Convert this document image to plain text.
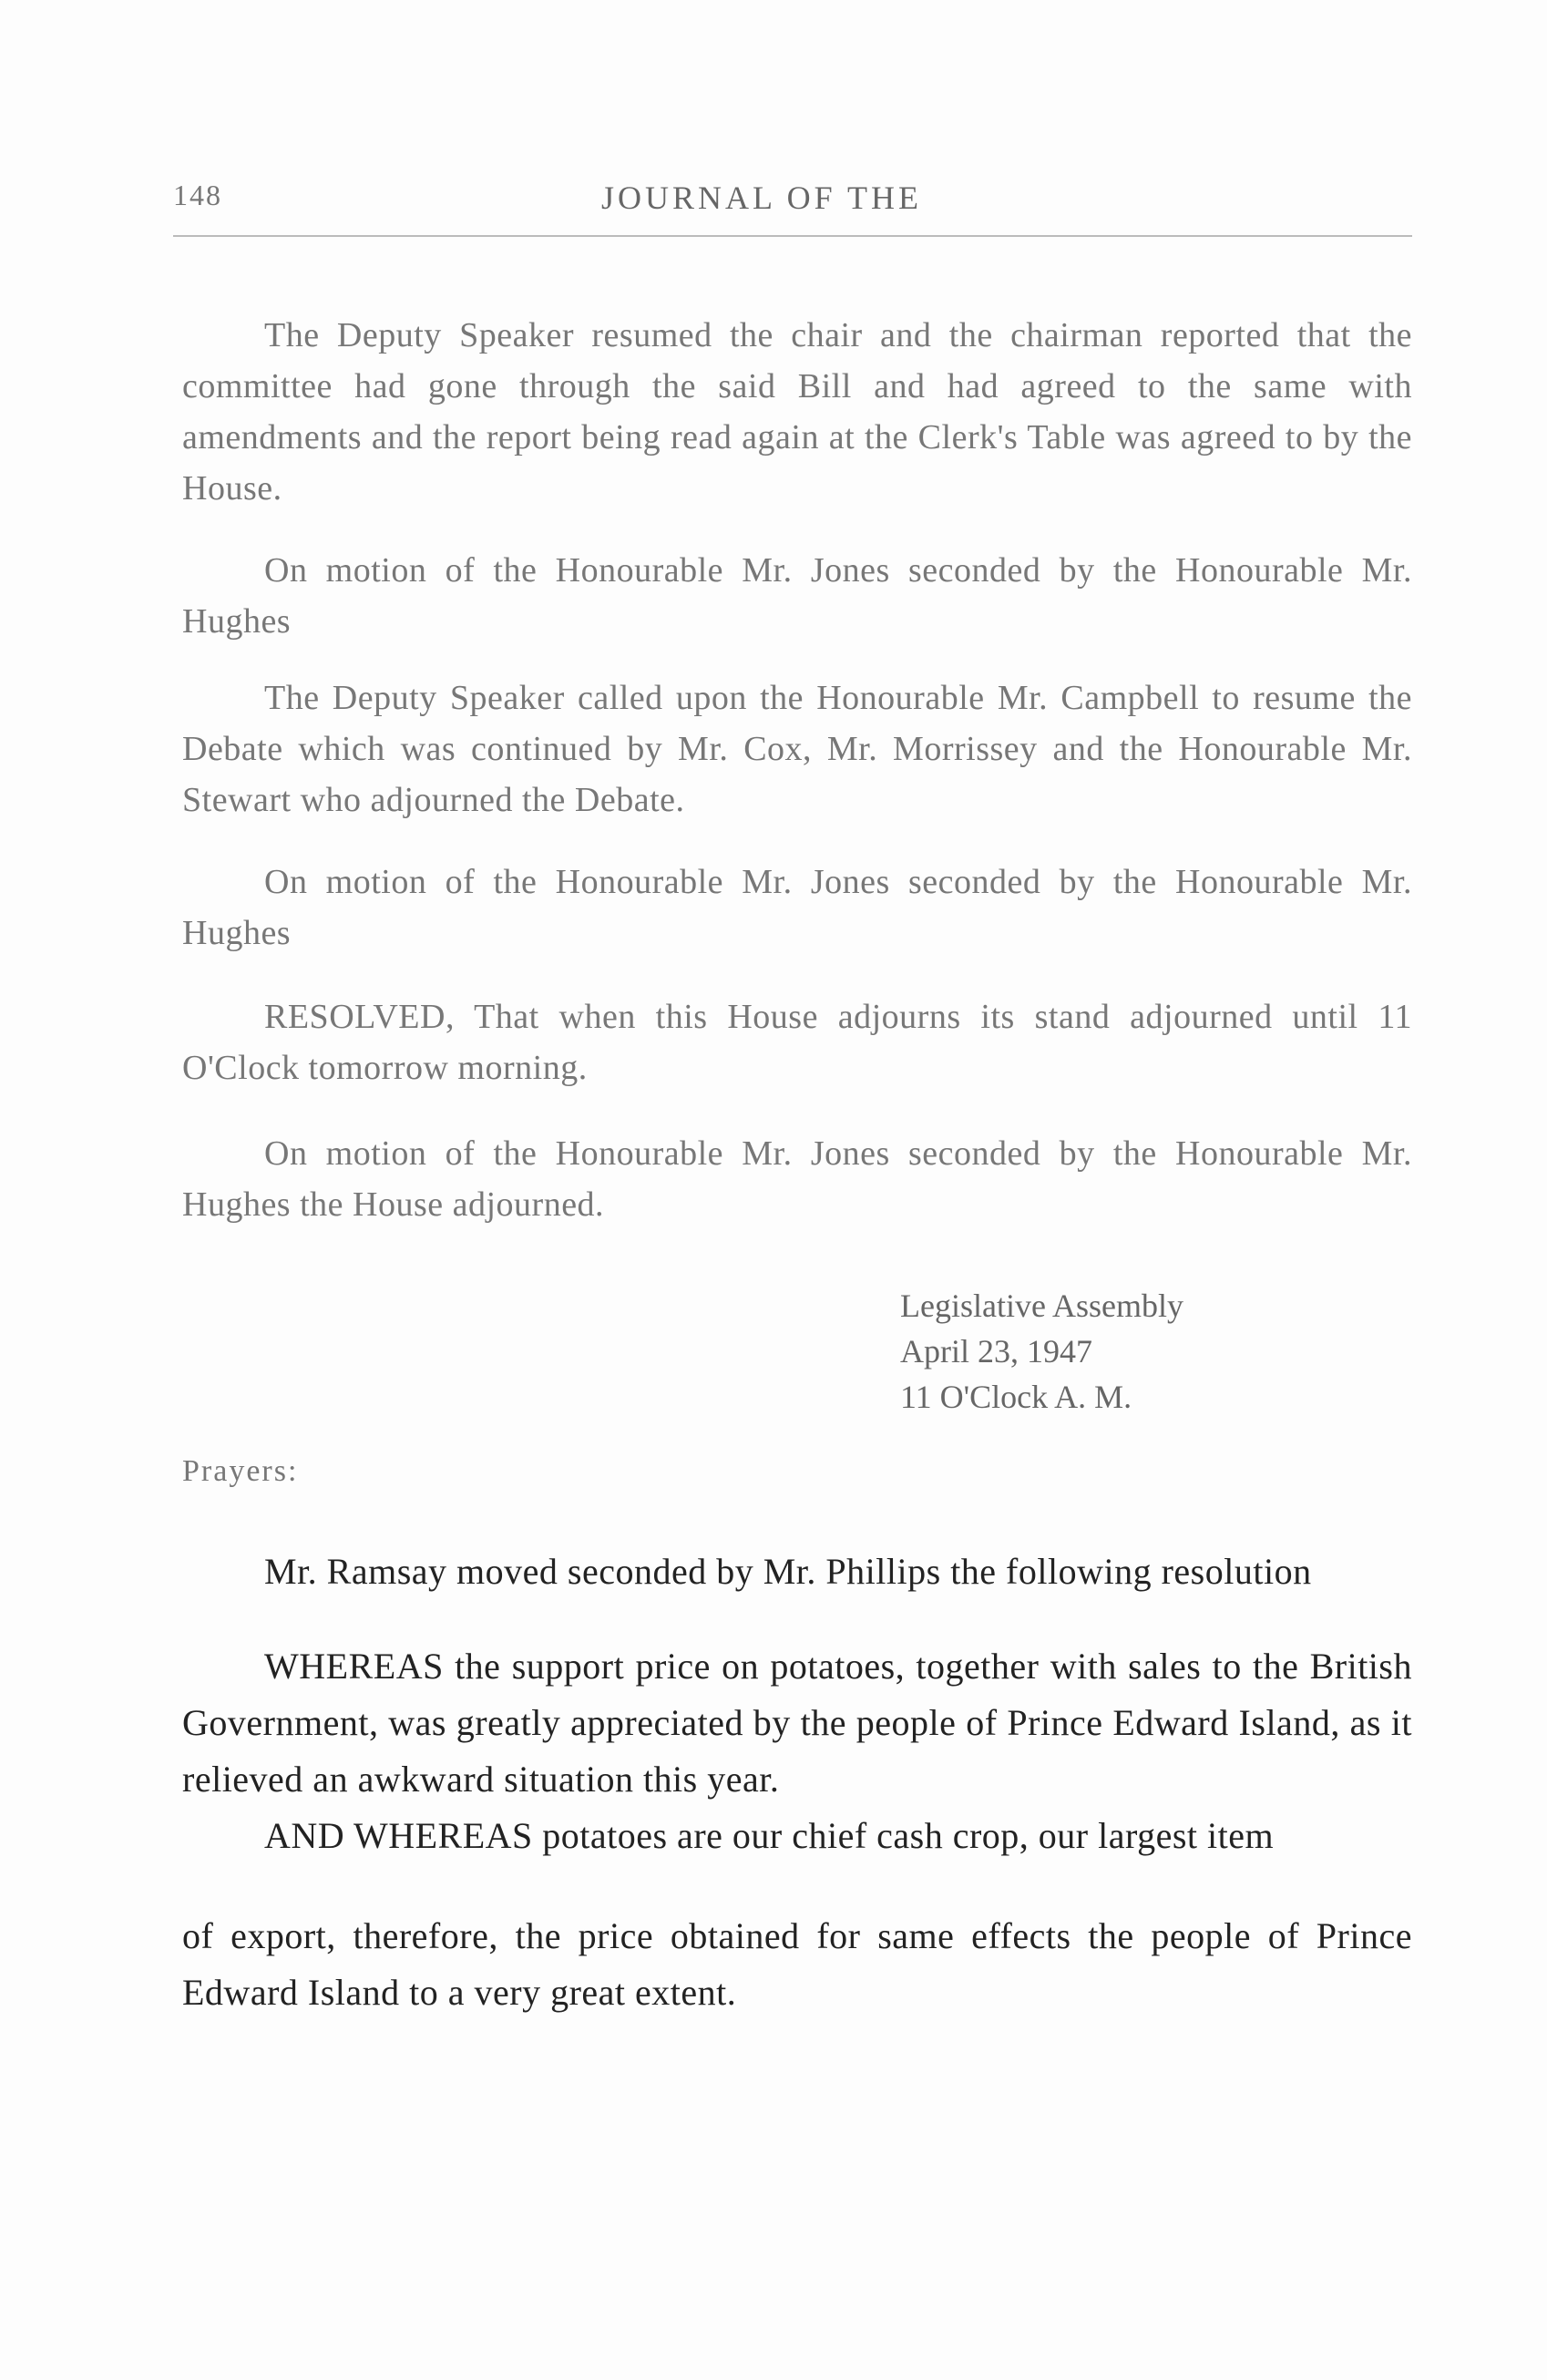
148	JOURNAL OF THE

The Deputy Speaker resumed the chair and the chairman reported that the committee had gone through the said Bill and had agreed to the same with amendments and the report being read again at the Clerk's Table was agreed to by the House.

On motion of the Honourable Mr. Jones seconded by the Honourable Mr. Hughes

The Deputy Speaker called upon the Honourable Mr. Campbell to resume the Debate which was continued by Mr. Cox, Mr. Morrissey and the Honourable Mr. Stewart who adjourned the Debate.

On motion of the Honourable Mr. Jones seconded by the Honourable Mr. Hughes

RESOLVED, That when this House adjourns its stand adjourned until 11 O'Clock tomorrow morning.

On motion of the Honourable Mr. Jones seconded by the Honourable Mr. Hughes the House adjourned.

Legislative Assembly
April 23, 1947
11 O'Clock A. M.
Prayers:

Mr. Ramsay moved seconded by Mr. Phillips the following resolution

WHEREAS the support price on potatoes, together with sales to the British Government, was greatly appreciated by the people of Prince Edward Island, as it relieved an awkward situation this year.

AND WHEREAS potatoes are our chief cash crop, our largest item

of export, therefore, the price obtained for same effects the people of Prince Edward Island to a very great extent.
